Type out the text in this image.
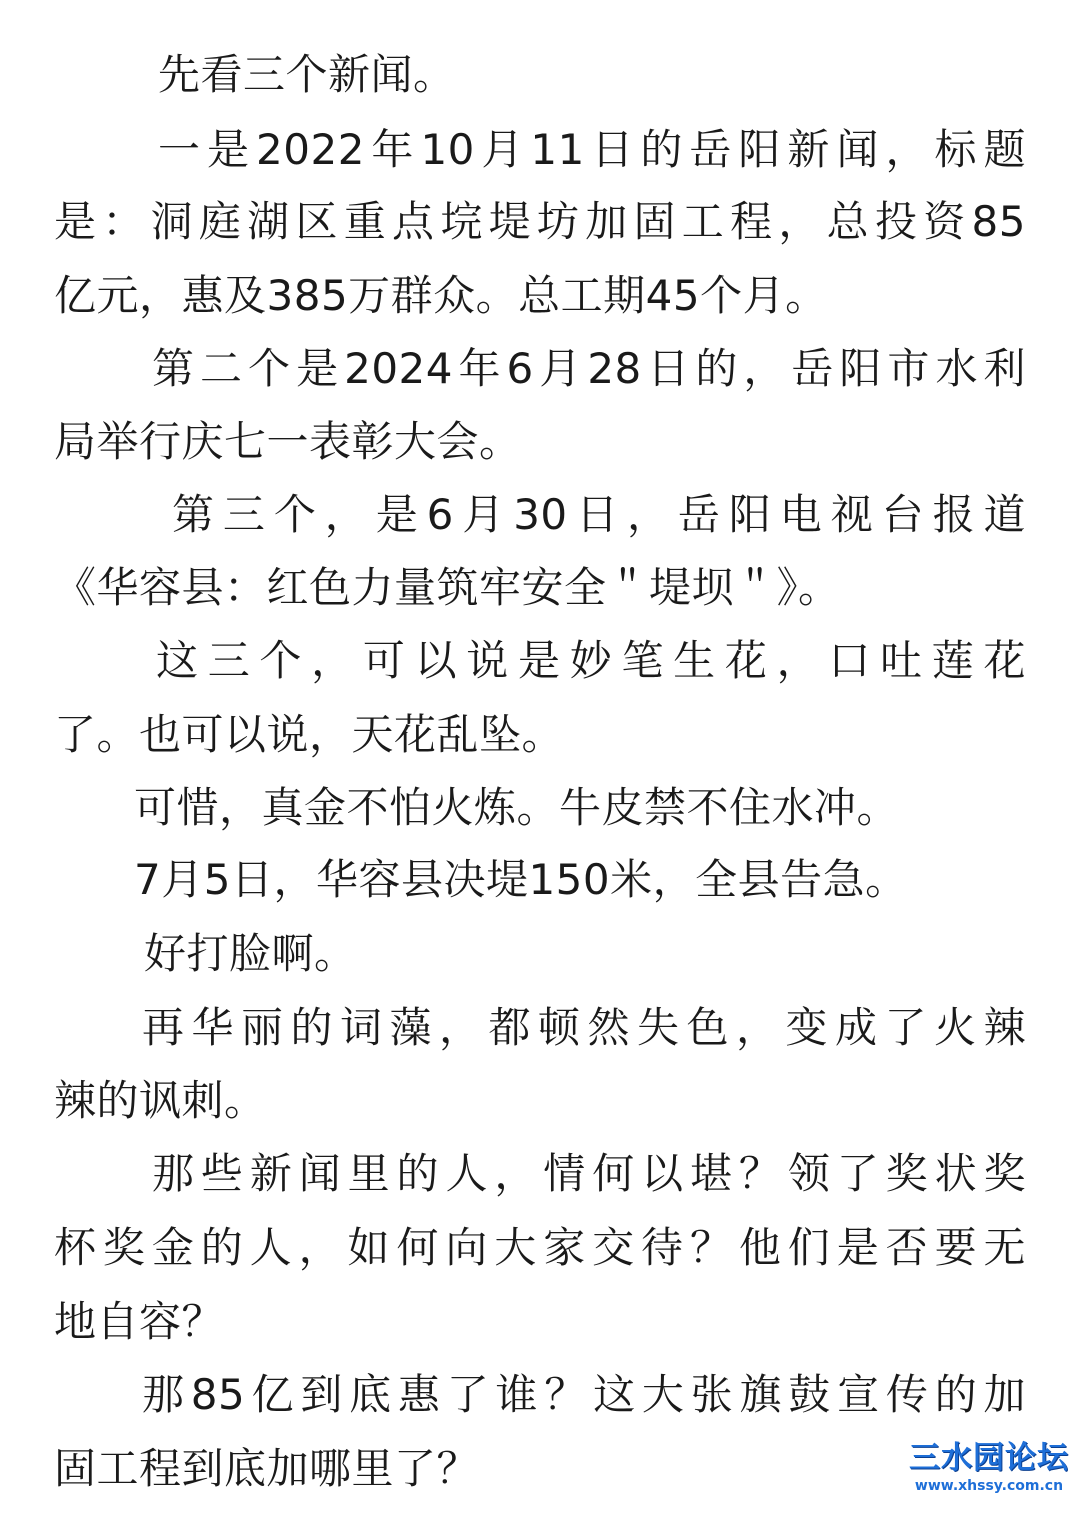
先看三个新闻。
一是2022年10月11日的岳阳新闻，标题
是：洞庭湖区重点垸堤坊加固工程，总投资85
亿元，惠及385万群众。总工期45个月。
第二个是2024年6月28日的，岳阳市水利
局举行庆七一表彰大会。
第三个，是6月30日，岳阳电视台报道
《华容县：红色力量筑牢安全＂堤坝＂》。
这三个，可以说是妙笔生花，口吐莲花
了。也可以说，天花乱坠。
可惜，真金不怕火炼。牛皮禁不住水冲。
7月5日，华容县决堤150米，全县告急。
好打脸啊。
再华丽的词藻，都顿然失色，变成了火辣
辣的讽刺。
那些新闻里的人，情何以堪？领了奖状奖
杯奖金的人，如何向大家交待？他们是否要无
地自容？
那85亿到底惠了谁？这大张旗鼓宣传的加
固工程到底加哪里了？	三水园论坛
www.xhssy.com.cn
